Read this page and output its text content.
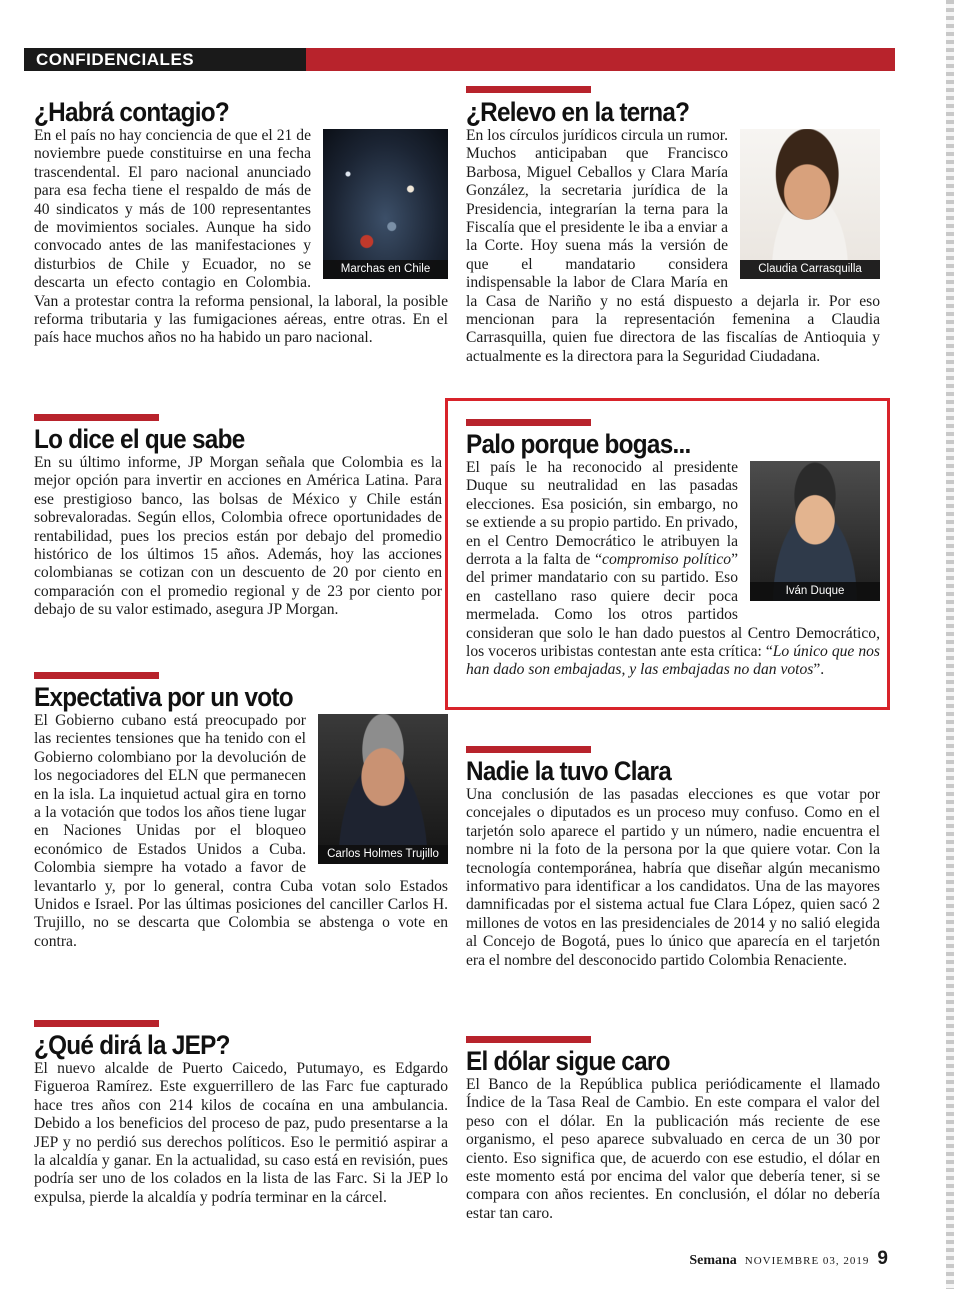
CONFIDENCIALES
¿Habrá contagio?
Marchas en Chile
En el país no hay conciencia de que el 21 de noviembre puede constituirse en una fecha trascendental. El paro nacional anunciado para esa fecha tiene el respaldo de más de 40 sindicatos y más de 100 representantes de movimientos sociales. Aunque ha sido convocado antes de las manifestaciones y disturbios de Chile y Ecuador, no se descarta un efecto contagio en Colombia. Van a protestar contra la reforma pensional, la laboral, la posible reforma tributaria y las fumigaciones aéreas, entre otras. En el país hace muchos años no ha habido un paro nacional.
¿Relevo en la terna?
Claudia Carrasquilla
En los círculos jurídicos circula un rumor. Muchos anticipaban que Francisco Barbosa, Miguel Ceballos y Clara María González, la secretaria jurídica de la Presidencia, integrarían la terna para la Fiscalía que el presidente le iba a enviar a la Corte. Hoy suena más la versión de que el mandatario considera indispensable la labor de Clara María en la Casa de Nariño y no está dispuesto a dejarla ir. Por eso mencionan para la representación femenina a Claudia Carrasquilla, quien fue directora de las fiscalías de Antioquia y actualmente es la directora para la Seguridad Ciudadana.
Lo dice el que sabe
En su último informe, JP Morgan señala que Colombia es la mejor opción para invertir en acciones en América Latina. Para ese prestigioso banco, las bolsas de México y Chile están sobrevaloradas. Según ellos, Colombia ofrece oportunidades de rentabilidad, pues los precios están por debajo del promedio histórico de los últimos 15 años. Además, hoy las acciones colombianas se cotizan con un descuento de 20 por ciento en comparación con el promedio regional y de 23 por ciento por debajo de su valor estimado, asegura JP Morgan.
Palo porque bogas...
Iván Duque
El país le ha reconocido al presidente Duque su neutralidad en las pasadas elecciones. Esa posición, sin embargo, no se extiende a su propio partido. En privado, en el Centro Democrático le atribuyen la derrota a la falta de “compromiso político” del primer mandatario con su partido. Eso en castellano raso quiere decir poca mermelada. Como los otros partidos consideran que solo le han dado puestos al Centro Democrático, los voceros uribistas contestan ante esta crítica: “Lo único que nos han dado son embajadas, y las embajadas no dan votos”.
Expectativa por un voto
Carlos Holmes Trujillo
El Gobierno cubano está preocupado por las recientes tensiones que ha tenido con el Gobierno colombiano por la devolución de los negociadores del ELN que permanecen en la isla. La inquietud actual gira en torno a la votación que todos los años tiene lugar en Naciones Unidas por el bloqueo económico de Estados Unidos a Cuba. Colombia siempre ha votado a favor de levantarlo y, por lo general, contra Cuba votan solo Estados Unidos e Israel. Por las últimas posiciones del canciller Carlos H. Trujillo, no se descarta que Colombia se abstenga o vote en contra.
Nadie la tuvo Clara
Una conclusión de las pasadas elecciones es que votar por concejales o diputados es un proceso muy confuso. Como en el tarjetón solo aparece el partido y un número, nadie encuentra el nombre ni la foto de la persona por la que quiere votar. Con la tecnología contemporánea, habría que diseñar algún mecanismo informativo para identificar a los candidatos. Una de las mayores damnificadas por el sistema actual fue Clara López, quien sacó 2 millones de votos en las presidenciales de 2014 y no salió elegida al Concejo de Bogotá, pues lo único que aparecía en el tarjetón era el nombre del desconocido partido Colombia Renaciente.
¿Qué dirá la JEP?
El nuevo alcalde de Puerto Caicedo, Putumayo, es Edgardo Figueroa Ramírez. Este exguerrillero de las Farc fue capturado hace tres años con 214 kilos de cocaína en una ambulancia. Debido a los beneficios del proceso de paz, pudo presentarse a la JEP y no perdió sus derechos políticos. Eso le permitió aspirar a la alcaldía y ganar. En la actualidad, su caso está en revisión, pues podría ser uno de los colados en la lista de las Farc. Si la JEP lo expulsa, pierde la alcaldía y podría terminar en la cárcel.
El dólar sigue caro
El Banco de la República publica periódicamente el llamado Índice de la Tasa Real de Cambio. En este compara el valor del peso con el dólar. En la publicación más reciente de ese organismo, el peso aparece subvaluado en cerca de un 30 por ciento. Eso significa que, de acuerdo con ese estudio, el dólar en este momento está por encima del valor que debería tener, si se compara con años recientes. En conclusión, el dólar no debería estar tan caro.
Semana NOVIEMBRE 03, 2019 9
